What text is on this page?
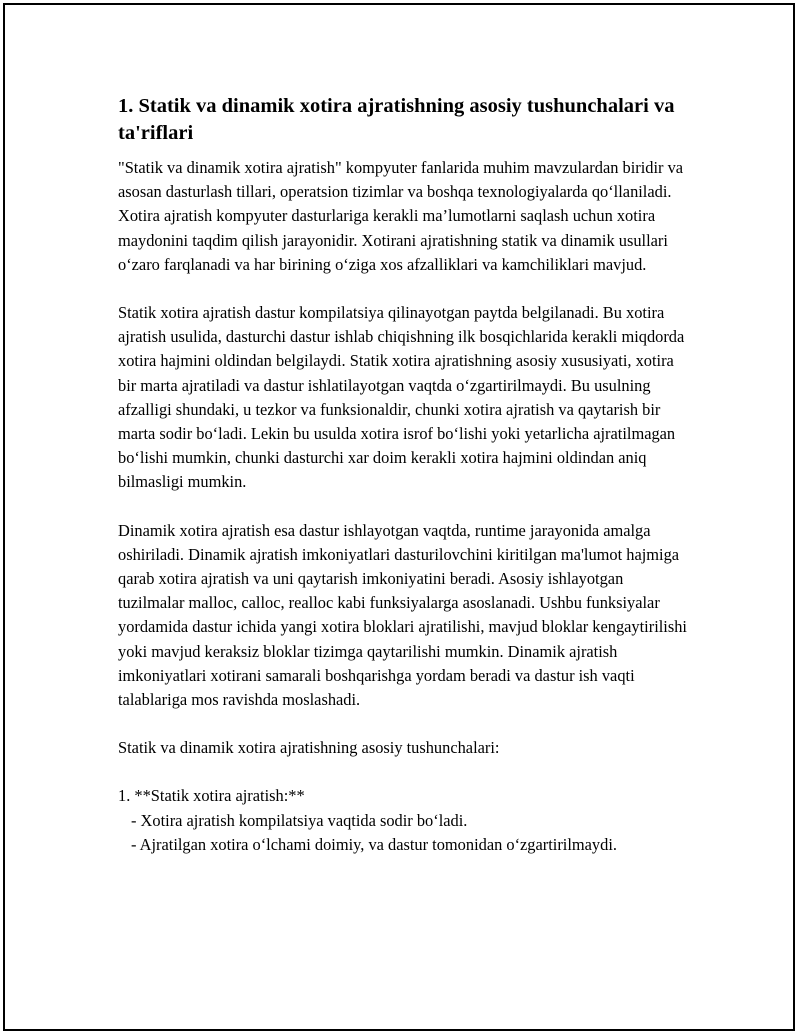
1. Statik va dinamik xotira ajratishning asosiy tushunchalari va ta'riflari

"Statik va dinamik xotira ajratish" kompyuter fanlarida muhim mavzulardan biridir va asosan dasturlash tillari, operatsion tizimlar va boshqa texnologiyalarda qo‘llaniladi. Xotira ajratish kompyuter dasturlariga kerakli ma’lumotlarni saqlash uchun xotira maydonini taqdim qilish jarayonidir. Xotirani ajratishning statik va dinamik usullari o‘zaro farqlanadi va har birining o‘ziga xos afzalliklari va kamchiliklari mavjud.

Statik xotira ajratish dastur kompilatsiya qilinayotgan paytda belgilanadi. Bu xotira ajratish usulida, dasturchi dastur ishlab chiqishning ilk bosqichlarida kerakli miqdorda xotira hajmini oldindan belgilaydi. Statik xotira ajratishning asosiy xususiyati, xotira bir marta ajratiladi va dastur ishlatilayotgan vaqtda o‘zgartirilmaydi. Bu usulning afzalligi shundaki, u tezkor va funksionaldir, chunki xotira ajratish va qaytarish bir marta sodir bo‘ladi. Lekin bu usulda xotira isrof bo‘lishi yoki yetarlicha ajratilmagan bo‘lishi mumkin, chunki dasturchi xar doim kerakli xotira hajmini oldindan aniq bilmasligi mumkin.

Dinamik xotira ajratish esa dastur ishlayotgan vaqtda, runtime jarayonida amalga oshiriladi. Dinamik ajratish imkoniyatlari dasturilovchini kiritilgan ma'lumot hajmiga qarab xotira ajratish va uni qaytarish imkoniyatini beradi. Asosiy ishlayotgan tuzilmalar malloc, calloc, realloc kabi funksiyalarga asoslanadi. Ushbu funksiyalar yordamida dastur ichida yangi xotira bloklari ajratilishi, mavjud bloklar kengaytirilishi yoki mavjud keraksiz bloklar tizimga qaytarilishi mumkin. Dinamik ajratish imkoniyatlari xotirani samarali boshqarishga yordam beradi va dastur ish vaqti talablariga mos ravishda moslashadi.

Statik va dinamik xotira ajratishning asosiy tushunchalari:

1. **Statik xotira ajratish:**
- Xotira ajratish kompilatsiya vaqtida sodir bo‘ladi.
- Ajratilgan xotira o‘lchami doimiy, va dastur tomonidan o‘zgartirilmaydi.
